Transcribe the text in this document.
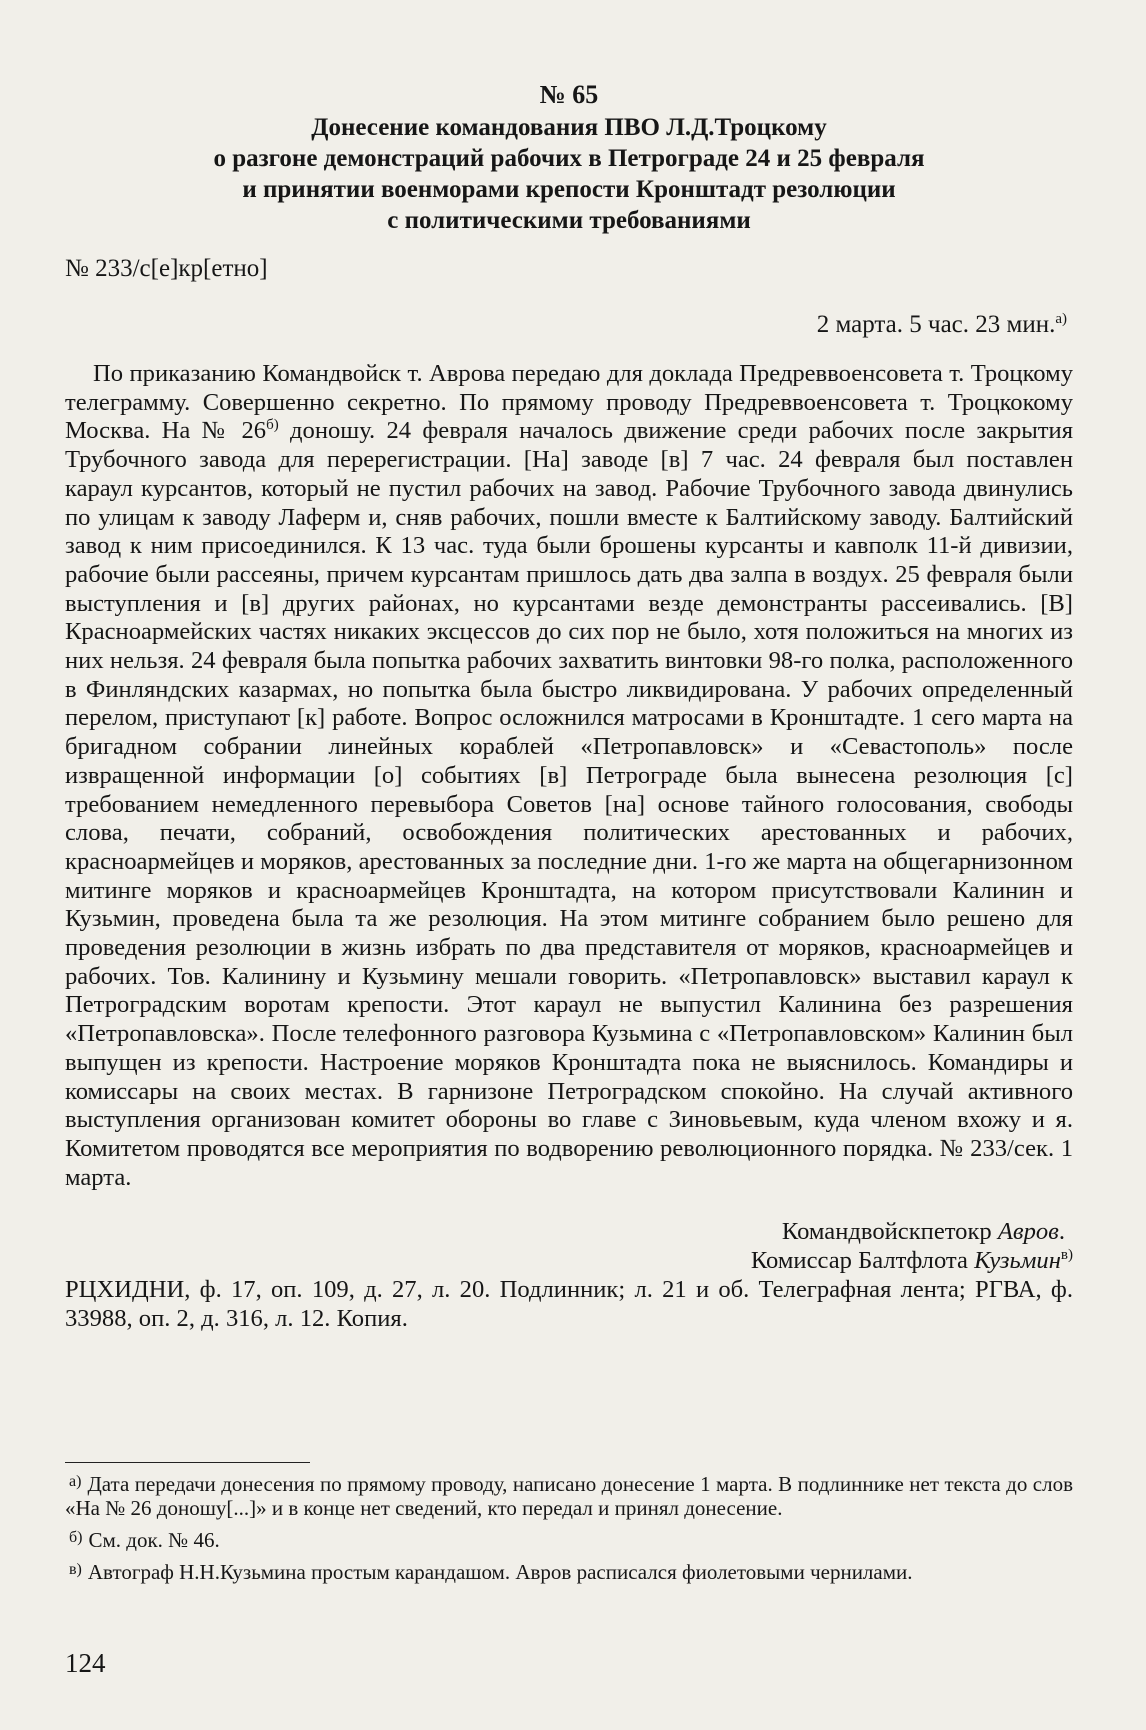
№ 65

Донесение командования ПВО Л.Д.Троцкому
о разгоне демонстраций рабочих в Петрограде 24 и 25 февраля
и принятии военморами крепости Кронштадт резолюции
с политическими требованиями

№ 233/с[е]кр[етно]
2 марта. 5 час. 23 мин.$^{а)}$

По приказанию Командвойск т. Аврова передаю для доклада Предреввоенсовета т. Троцкому телеграмму. Совершенно секретно. По прямому проводу Предреввоенсовета т. Троцкокому Москва. На № $26^{б)}$ доношу. 24 февраля началось движение среди рабочих после закрытия Трубочного завода для перерегистрации. [На] заводе [в] 7 час. 24 февраля был поставлен караул курсантов, который не пустил рабочих на завод. Рабочие Трубочного завода двинулись по улицам к заводу Лаферм и, сняв рабочих, пошли вместе к Балтийскому заводу. Балтийский завод к ним присоединился. К 13 час. туда были брошены курсанты и кавполк 11-й дивизии, рабочие были рассеяны, причем курсантам пришлось дать два залпа в воздух. 25 февраля были выступления и [в] других районах, но курсантами везде демонстранты рассеивались. [В] Красноармейских частях никаких эксцессов до сих пор не было, хотя положиться на многих из них нельзя. 24 февраля была попытка рабочих захватить винтовки 98-го полка, расположенного в Финляндских казармах, но попытка была быстро ликвидирована. У рабочих определенный перелом, приступают [к] работе. Вопрос осложнился матросами в Кронштадте. 1 сего марта на бригадном собрании линейных кораблей «Петропавловск» и «Севастополь» после извращенной информации [о] событиях [в] Петрограде была вынесена резолюция [с] требованием немедленного перевыбора Советов [на] основе тайного голосования, свободы слова, печати, собраний, освобождения политических арестованных и рабочих, красноармейцев и моряков, арестованных за последние дни. 1-го же марта на общегарнизонном митинге моряков и красноармейцев Кронштадта, на котором присутствовали Калинин и Кузьмин, проведена была та же резолюция. На этом митинге собранием было решено для проведения резолюции в жизнь избрать по два представителя от моряков, красноармейцев и рабочих. Тов. Калинину и Кузьмину мешали говорить. «Петропавловск» выставил караул к Петроградским воротам крепости. Этот караул не выпустил Калинина без разрешения «Петропавловска». После телефонного разговора Кузьмина с «Петропавловском» Калинин был выпущен из крепости. Настроение моряков Кронштадта пока не выяснилось. Командиры и комиссары на своих местах. В гарнизоне Петроградском спокойно. На случай активного выступления организован комитет обороны во главе с Зиновьевым, куда членом вхожу и я. Комитетом проводятся все мероприятия по водворению революционного порядка. № 233/сек. 1 марта.

Командвойскпетокр Авров.
Комиссар Балтфлота Кузьмин$^{в)}$

РЦХИДНИ, ф. 17, оп. 109, д. 27, л. 20. Подлинник; л. 21 и об. Телеграфная лента; РГВА, ф. 33988, оп. 2, д. 316, л. 12. Копия.

а) Дата передачи донесения по прямому проводу, написано донесение 1 марта. В подлиннике нет текста до слов «На № 26 доношу[...]» и в конце нет сведений, кто передал и принял донесение.

б) См. док. № 46.

в) Автограф Н.Н.Кузьмина простым карандашом. Авров расписался фиолетовыми чернилами.

124
